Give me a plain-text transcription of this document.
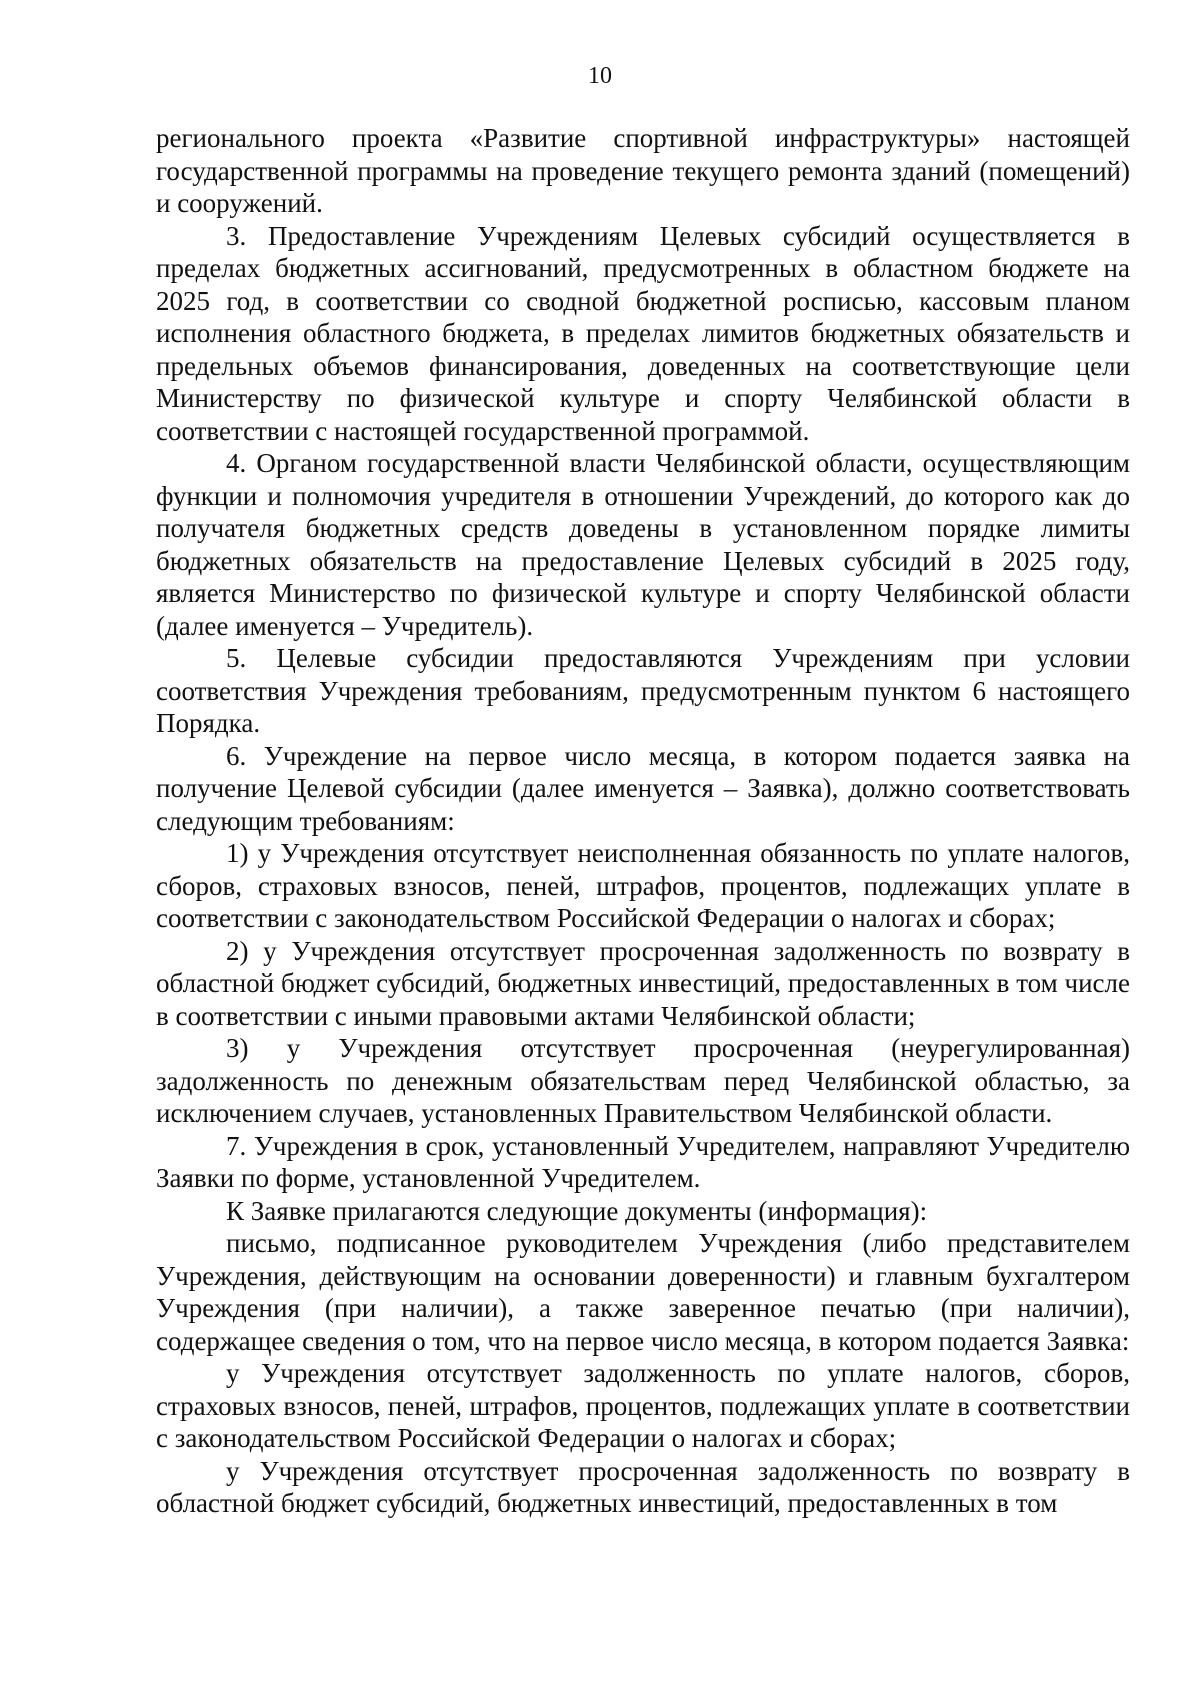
10

регионального проекта «Развитие спортивной инфраструктуры» настоящей государственной программы на проведение текущего ремонта зданий (помещений) и сооружений.

3. Предоставление Учреждениям Целевых субсидий осуществляется в пределах бюджетных ассигнований, предусмотренных в областном бюджете на 2025 год, в соответствии со сводной бюджетной росписью, кассовым планом исполнения областного бюджета, в пределах лимитов бюджетных обязательств и предельных объемов финансирования, доведенных на соответствующие цели Министерству по физической культуре и спорту Челябинской области в соответствии с настоящей государственной программой.

4. Органом государственной власти Челябинской области, осуществляющим функции и полномочия учредителя в отношении Учреждений, до которого как до получателя бюджетных средств доведены в установленном порядке лимиты бюджетных обязательств на предоставление Целевых субсидий в 2025 году, является Министерство по физической культуре и спорту Челябинской области (далее именуется – Учредитель).

5. Целевые субсидии предоставляются Учреждениям при условии соответствия Учреждения требованиям, предусмотренным пунктом 6 настоящего Порядка.

6. Учреждение на первое число месяца, в котором подается заявка на получение Целевой субсидии (далее именуется – Заявка), должно соответствовать следующим требованиям:

1) у Учреждения отсутствует неисполненная обязанность по уплате налогов, сборов, страховых взносов, пеней, штрафов, процентов, подлежащих уплате в соответствии с законодательством Российской Федерации о налогах и сборах;

2) у Учреждения отсутствует просроченная задолженность по возврату в областной бюджет субсидий, бюджетных инвестиций, предоставленных в том числе в соответствии с иными правовыми актами Челябинской области;

3) у Учреждения отсутствует просроченная (неурегулированная) задолженность по денежным обязательствам перед Челябинской областью, за исключением случаев, установленных Правительством Челябинской области.

7. Учреждения в срок, установленный Учредителем, направляют Учредителю Заявки по форме, установленной Учредителем.

К Заявке прилагаются следующие документы (информация):

письмо, подписанное руководителем Учреждения (либо представителем Учреждения, действующим на основании доверенности) и главным бухгалтером Учреждения (при наличии), а также заверенное печатью (при наличии), содержащее сведения о том, что на первое число месяца, в котором подается Заявка:

у Учреждения отсутствует задолженность по уплате налогов, сборов, страховых взносов, пеней, штрафов, процентов, подлежащих уплате в соответствии с законодательством Российской Федерации о налогах и сборах;

у Учреждения отсутствует просроченная задолженность по возврату в областной бюджет субсидий, бюджетных инвестиций, предоставленных в том
